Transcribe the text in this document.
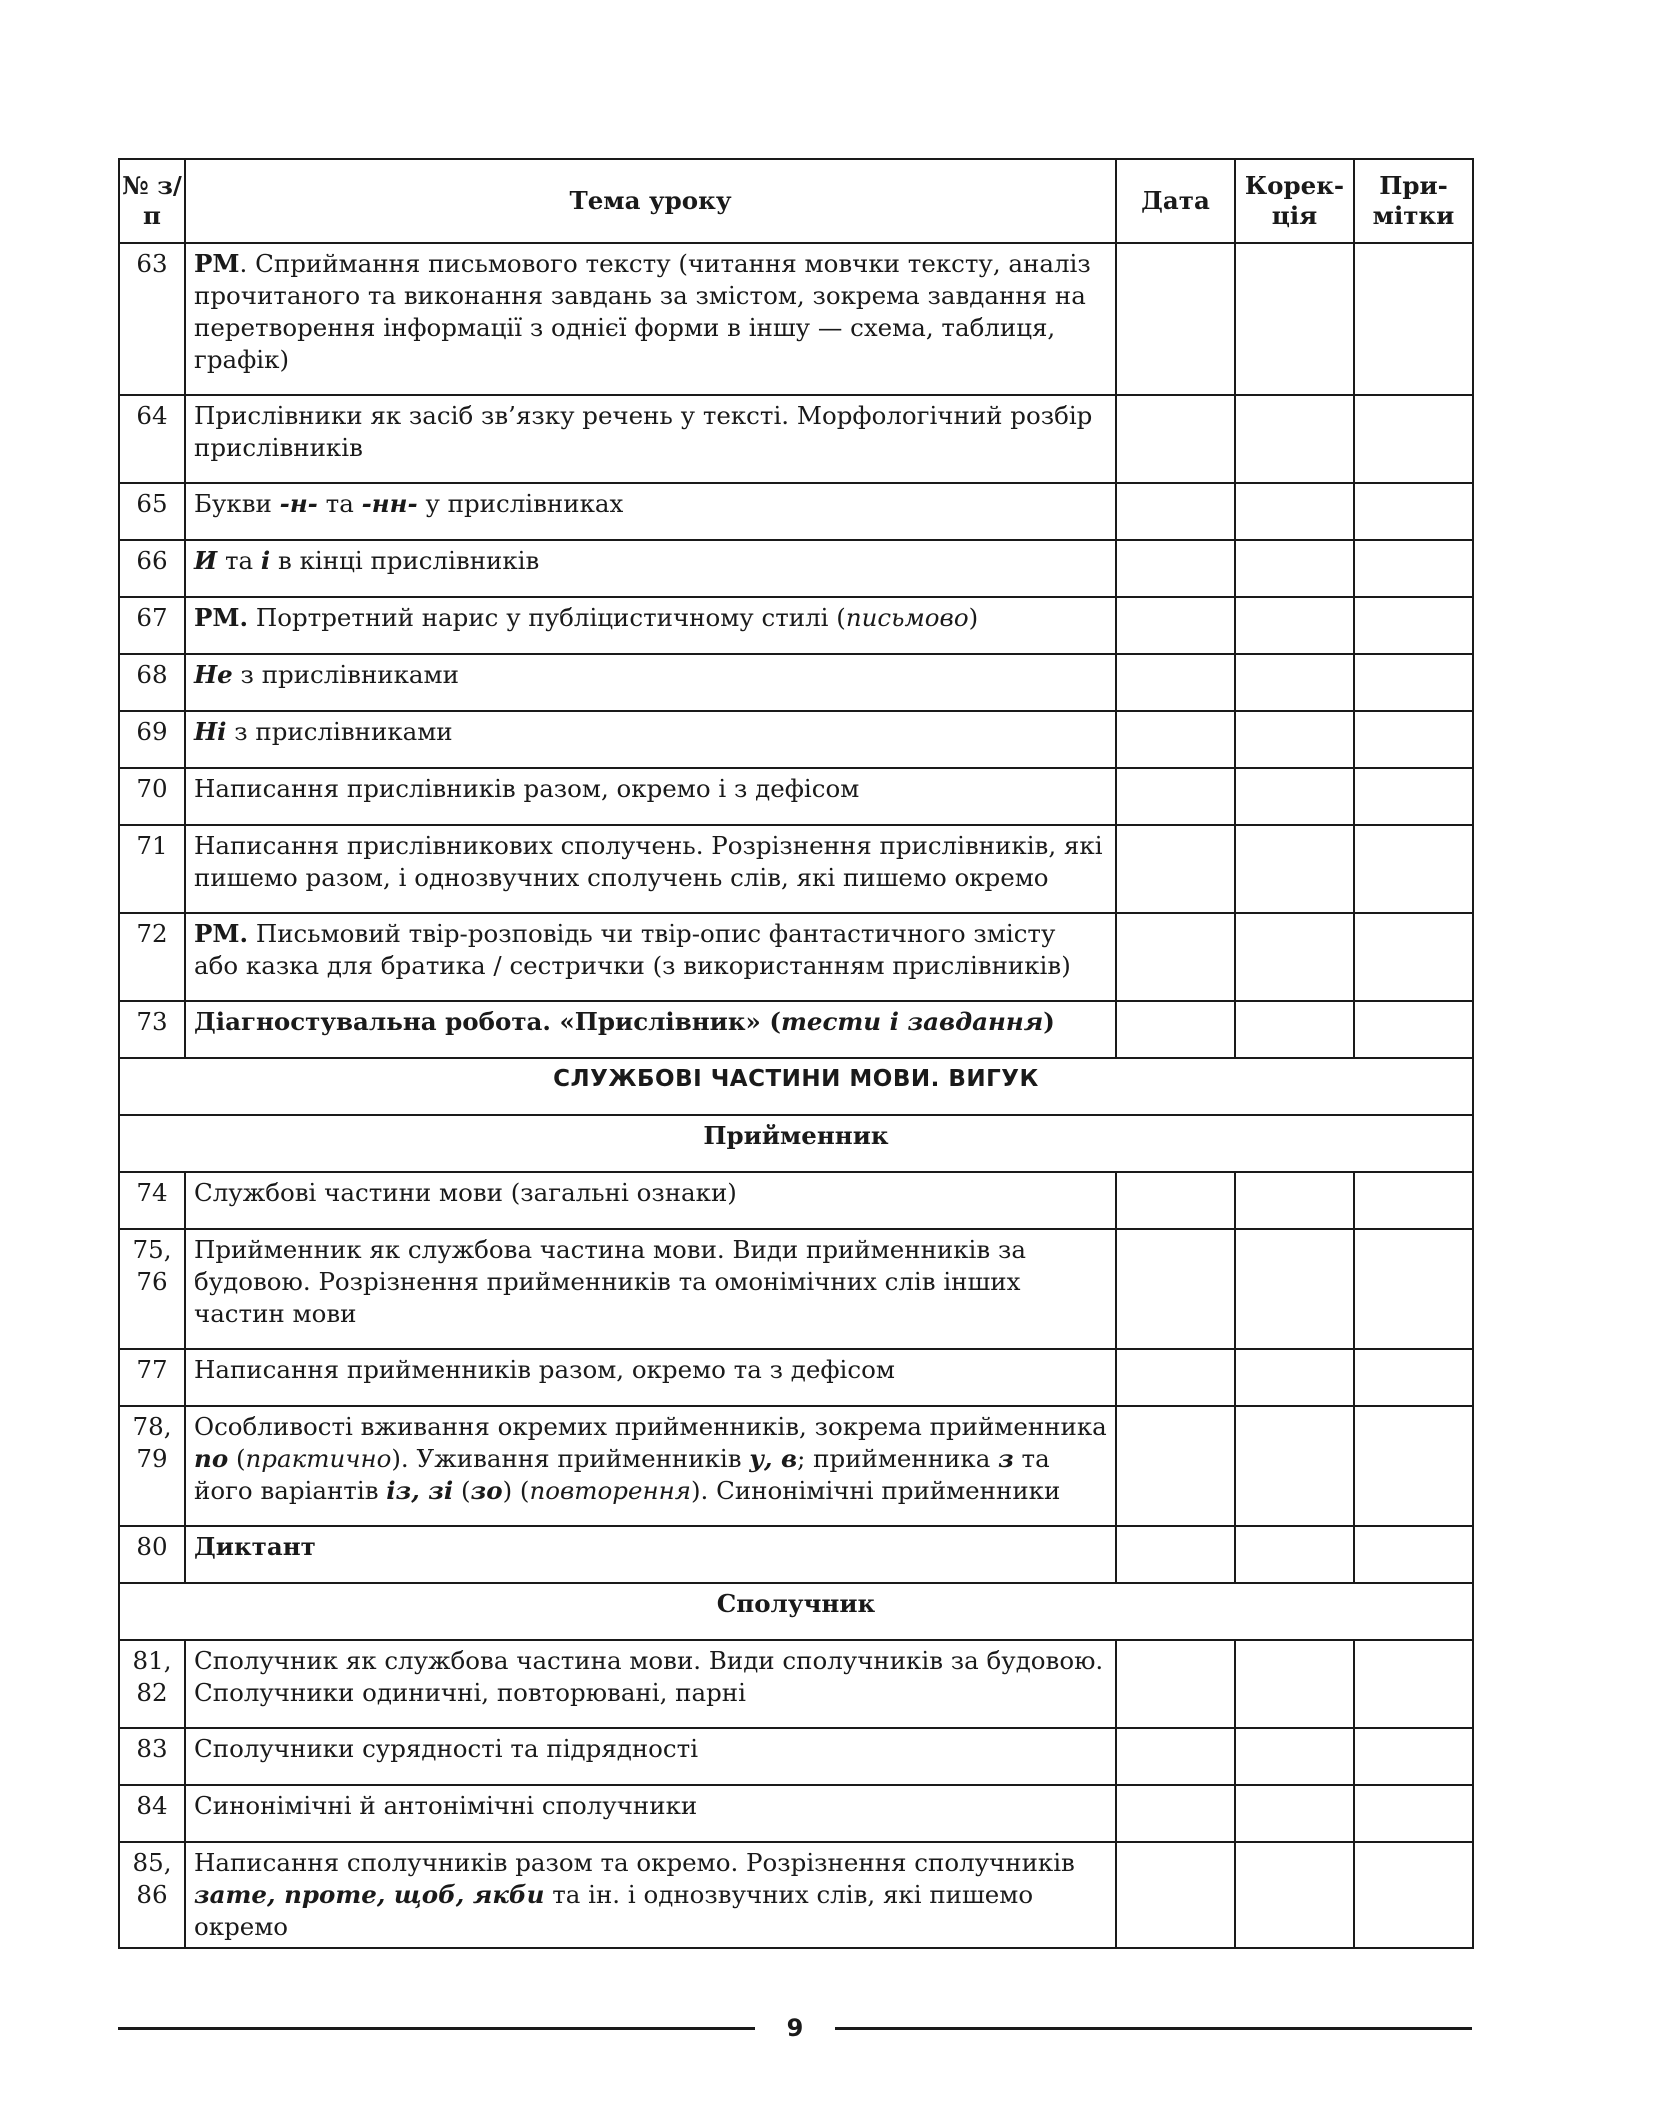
№ з/п	Тема уроку	Дата	Корек-ція	При-мітки
63	РМ. Сприймання письмового тексту (читання мовчки тексту, аналіз прочитаного та виконання завдань за змістом, зокрема завдання на перетворення інформації з однієї форми в іншу — схема, таблиця, графік)			
64	Прислівники як засіб зв’язку речень у тексті. Морфологічний розбір прислівників			
65	Букви -н- та -нн- у прислівниках			
66	И та і в кінці прислівників			
67	РМ. Портретний нарис у публіцистичному стилі (письмово)			
68	Не з прислівниками			
69	Ні з прислівниками			
70	Написання прислівників разом, окремо і з дефісом			
71	Написання прислівникових сполучень. Розрізнення прислівників, які пишемо разом, і однозвучних сполучень слів, які пишемо окремо			
72	РМ. Письмовий твір-розповідь чи твір-опис фантастичного змісту або казка для братика / сестрички (з використанням прислівників)			
73	Діагностувальна робота. «Прислівник» (тести і завдання)			
СЛУЖБОВІ ЧАСТИНИ МОВИ. ВИГУК				
Прийменник				
74	Службові частини мови (загальні ознаки)			
75, 76	Прийменник як службова частина мови. Види прийменників за будовою. Розрізнення прийменників та омонімічних слів інших частин мови			
77	Написання прийменників разом, окремо та з дефісом			
78, 79	Особливості вживання окремих прийменників, зокрема прийменника по (практично). Уживання прийменників у, в; прийменника з та його варіантів із, зі (зо) (повторення). Синонімічні прийменники			
80	Диктант			
Сполучник				
81, 82	Сполучник як службова частина мови. Види сполучників за будовою. Сполучники одиничні, повторювані, парні			
83	Сполучники сурядності та підрядності			
84	Синонімічні й антонімічні сполучники			
85, 86	Написання сполучників разом та окремо. Розрізнення сполучників зате, проте, щоб, якби та ін. і однозвучних слів, які пишемо окремо			
9
